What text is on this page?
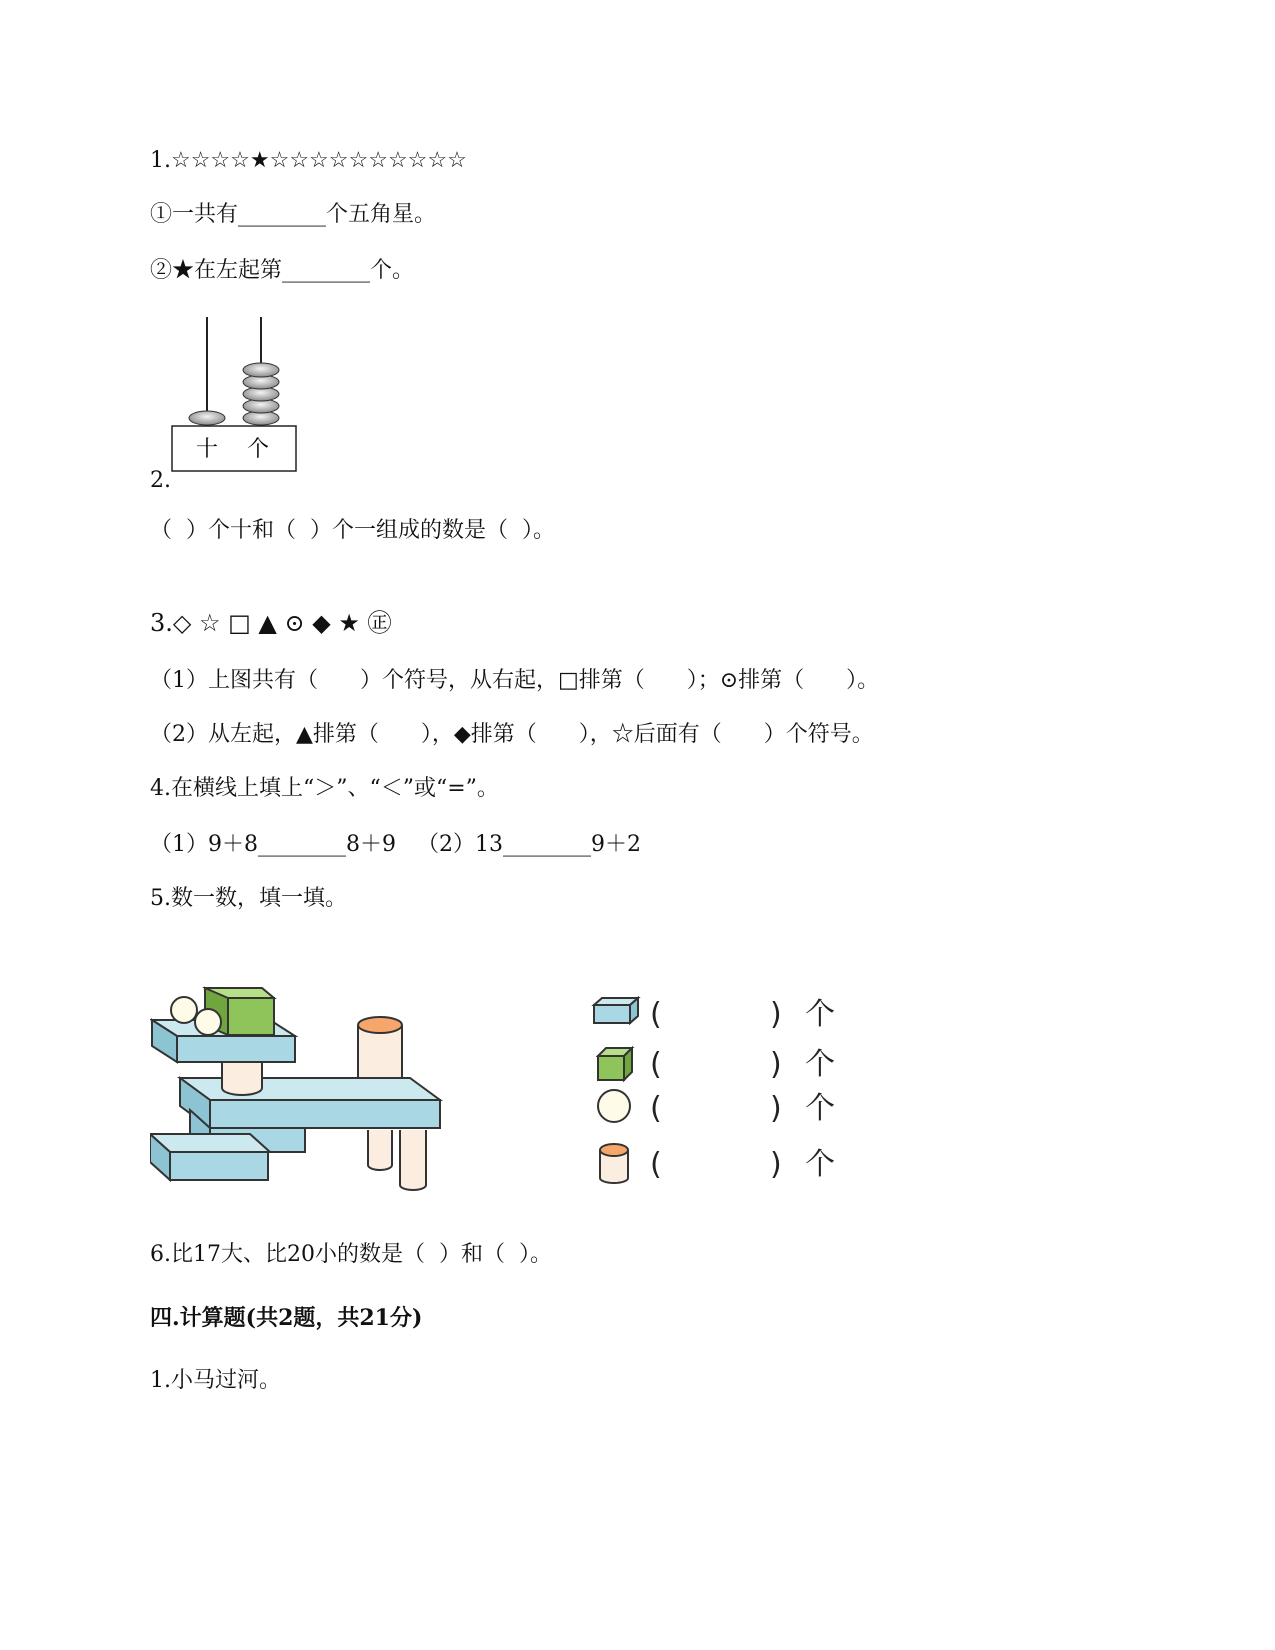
1.☆☆☆☆★☆☆☆☆☆☆☆☆☆☆
①一共有________个五角星。
②★在左起第________个。
十 个
2.
（  ）个十和（  ）个一组成的数是（  ）。
3.◇ ☆ □ ▲ ⊙ ◆ ★ ㊣
（1）上图共有（      ）个符号，从右起，□排第（      ）；⊙排第（      ）。
（2）从左起，▲排第（      ），◆排第（      ），☆后面有（      ）个符号。
4.在横线上填上“＞”、“＜”或“=”。
（1）9＋8________8＋9   （2）13________9＋2
5.数一数，填一填。
(	) 个
(	) 个
(	) 个
(	) 个
6.比17大、比20小的数是（  ）和（  ）。
四.计算题(共2题，共21分)
1.小马过河。
